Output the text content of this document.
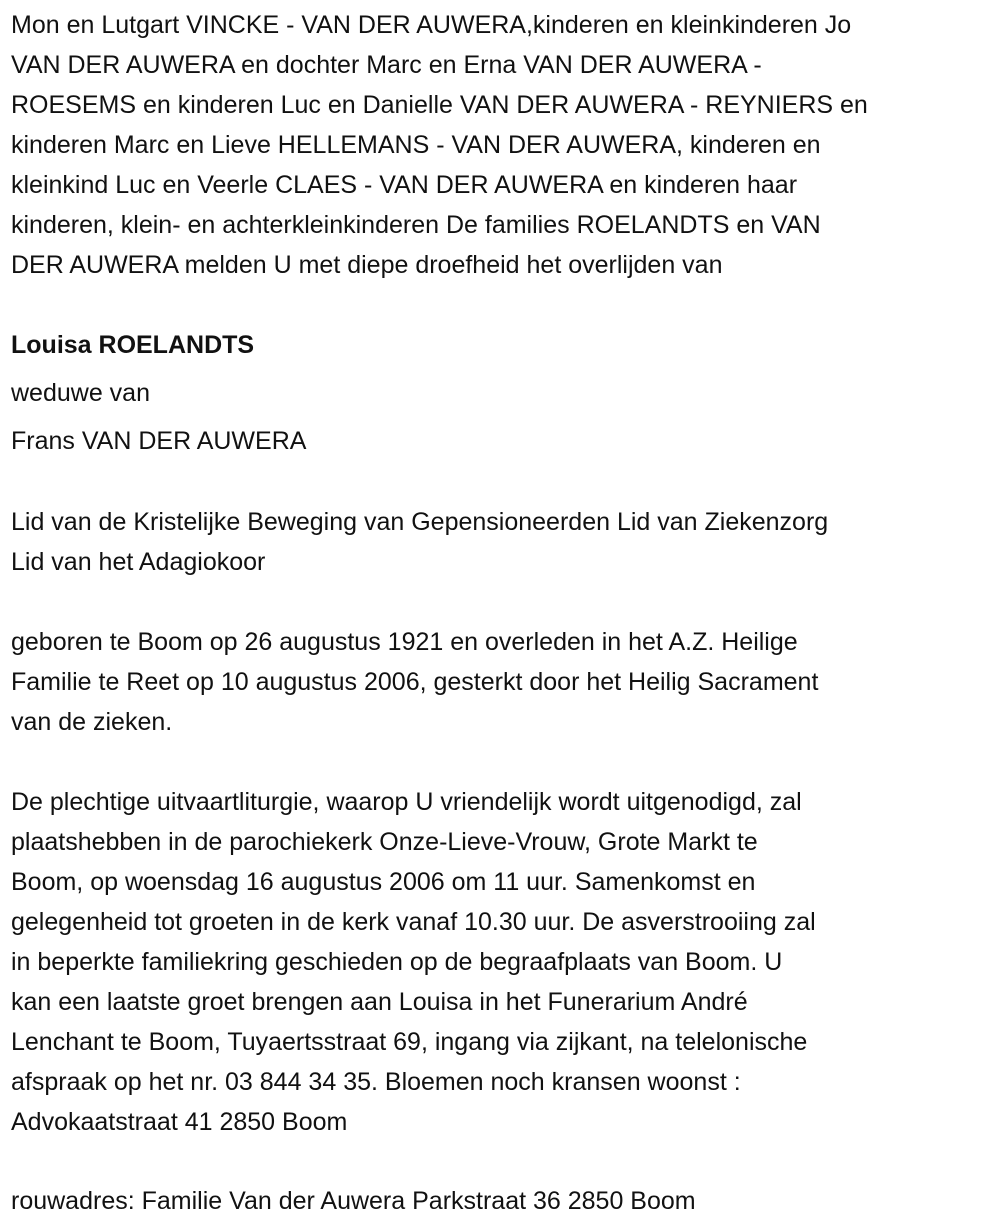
Mon en Lutgart VINCKE - VAN DER AUWERA,kinderen en kleinkinderen Jo
VAN DER AUWERA en dochter Marc en Erna VAN DER AUWERA -
ROESEMS en kinderen Luc en Danielle VAN DER AUWERA - REYNIERS en
kinderen Marc en Lieve HELLEMANS - VAN DER AUWERA, kinderen en
kleinkind Luc en Veerle CLAES - VAN DER AUWERA en kinderen haar
kinderen, klein- en achterkleinkinderen De families ROELANDTS en VAN
DER AUWERA melden U met diepe droefheid het overlijden van
Louisa ROELANDTS
weduwe van
Frans VAN DER AUWERA
Lid van de Kristelijke Beweging van Gepensioneerden Lid van Ziekenzorg
Lid van het Adagiokoor
geboren te Boom op 26 augustus 1921 en overleden in het A.Z. Heilige
Familie te Reet op 10 augustus 2006, gesterkt door het Heilig Sacrament
van de zieken.
De plechtige uitvaartliturgie, waarop U vriendelijk wordt uitgenodigd, zal
plaatshebben in de parochiekerk Onze-Lieve-Vrouw, Grote Markt te
Boom, op woensdag 16 augustus 2006 om 11 uur. Samenkomst en
gelegenheid tot groeten in de kerk vanaf 10.30 uur. De asverstrooiing zal
in beperkte familiekring geschieden op de begraafplaats van Boom. U
kan een laatste groet brengen aan Louisa in het Funerarium André
Lenchant te Boom, Tuyaertsstraat 69, ingang via zijkant, na telelonische
afspraak op het nr. 03 844 34 35. Bloemen noch kransen woonst :
Advokaatstraat 41 2850 Boom
rouwadres: Familie Van der Auwera Parkstraat 36 2850 Boom
